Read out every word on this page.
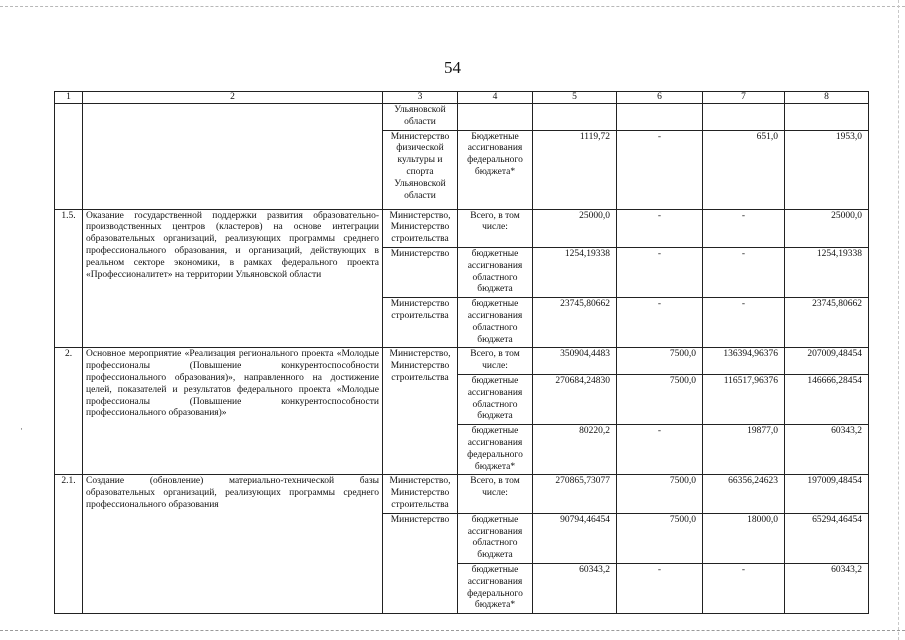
·
54
1	2	3	4	5	6	7	8
		Ульяновской области					
		Министерство физической культуры и спорта Ульяновской области	Бюджетные ассигнования федерального бюджета*	1119,72	-	651,0	1953,0
1.5.	Оказание государственной поддержки развития образовательно-производственных центров (кластеров) на основе интеграции образовательных организаций, реализующих программы среднего профессионального образования, и организаций, действующих в реальном секторе экономики, в рамках федерального проекта «Профессионалитет» на территории Ульяновской области	Министерство, Министерство строительства	Всего, в том числе:	25000,0	-	-	25000,0
		Министерство	бюджетные ассигнования областного бюджета	1254,19338	-	-	1254,19338
		Министерство строительства	бюджетные ассигнования областного бюджета	23745,80662	-	-	23745,80662
2.	Основное мероприятие «Реализация регионального проекта «Молодые профессионалы (Повышение конкурентоспособности профессионального образования)», направленного на достижение целей, показателей и результатов федерального проекта «Молодые профессионалы (Повышение конкурентоспособности профессионального образования)»	Министерство, Министерство строительства	Всего, в том числе:	350904,4483	7500,0	136394,96376	207009,48454
			бюджетные ассигнования областного бюджета	270684,24830	7500,0	116517,96376	146666,28454
			бюджетные ассигнования федерального бюджета*	80220,2	-	19877,0	60343,2
2.1.	Создание (обновление) материально-технической базы образовательных организаций, реализующих программы среднего профессионального образования	Министерство, Министерство строительства	Всего, в том числе:	270865,73077	7500,0	66356,24623	197009,48454
		Министерство	бюджетные ассигнования областного бюджета	90794,46454	7500,0	18000,0	65294,46454
			бюджетные ассигнования федерального бюджета*	60343,2	-	-	60343,2
